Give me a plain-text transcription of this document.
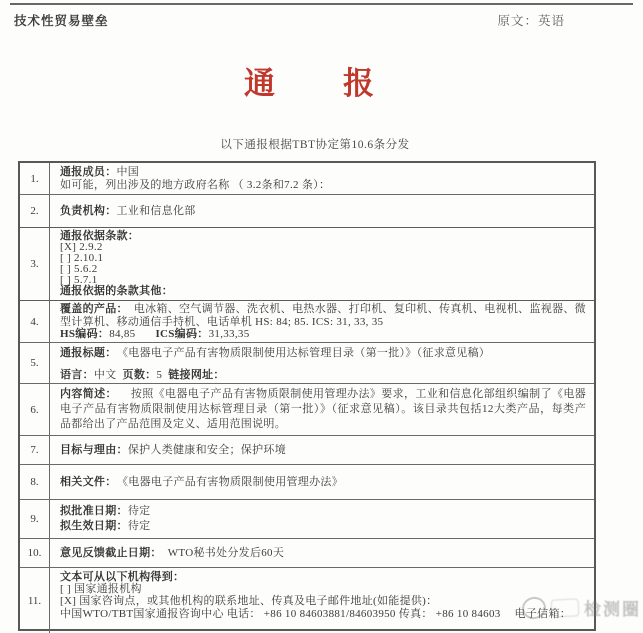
技术性贸易壁垒	原文：英语
通　　报
以下通报根据TBT协定第10.6条分发
1.
通报成员：中国
如可能，列出涉及的地方政府名称 （ 3.2条和7.2 条）：
2.	负责机构：工业和信息化部
3.
通报依据条款：
[X] 2.9.2
[ ] 2.10.1
[ ] 5.6.2
[ ] 5.7.1
通报依据的条款其他：
4.
覆盖的产品： 电冰箱、空气调节器、洗衣机、电热水器、打印机、复印机、传真机、电视机、监视器、微型计算机、移动通信手持机、电话单机 HS: 84; 85. ICS: 31, 33, 35
HS编码：84,85 ICS编码：31,33,35
5.
通报标题： 《电器电子产品有害物质限制使用达标管理目录（第一批）》（征求意见稿）
语言：中文 页数：5 链接网址：
6.
内容简述： 按照《电器电子产品有害物质限制使用管理办法》要求，工业和信息化部组织编制了《电器电子产品有害物质限制使用达标管理目录（第一批）》（征求意见稿）。该目录共包括12大类产品，每类产品都给出了产品范围及定义、适用范围说明。
7.	目标与理由：保护人类健康和安全；保护环境
8.	相关文件： 《电器电子产品有害物质限制使用管理办法》
9.
拟批准日期：待定
拟生效日期：待定
10.	意见反馈截止日期： WTO秘书处分发后60天
11.
文本可从以下机构得到：
[ ] 国家通报机构
[X] 国家咨询点，或其他机构的联系地址、传真及电子邮件地址(如能提供)：
中国WTO/TBT国家通报咨询中心 电话： +86 10 84603881/84603950 传真： +86 10 84603 电子信箱： 检测圈
